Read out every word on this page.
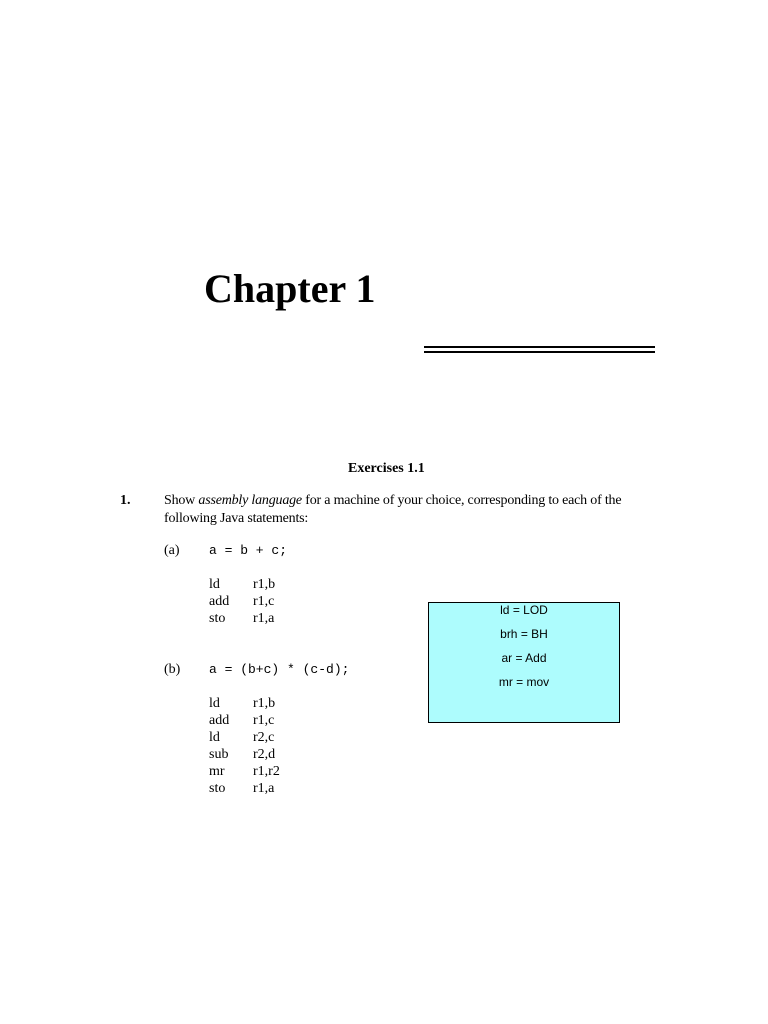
Chapter 1
Exercises 1.1
1. Show assembly language for a machine of your choice, corresponding to each of the following Java statements:
(a) a = b + c;
ld r1,b
add r1,c
sto r1,a
(b) a = (b+c) * (c-d);
ld r1,b
add r1,c
ld r2,c
sub r2,d
mr r1,r2
sto r1,a
ld = LOD
brh = BH
ar = Add
mr = mov
